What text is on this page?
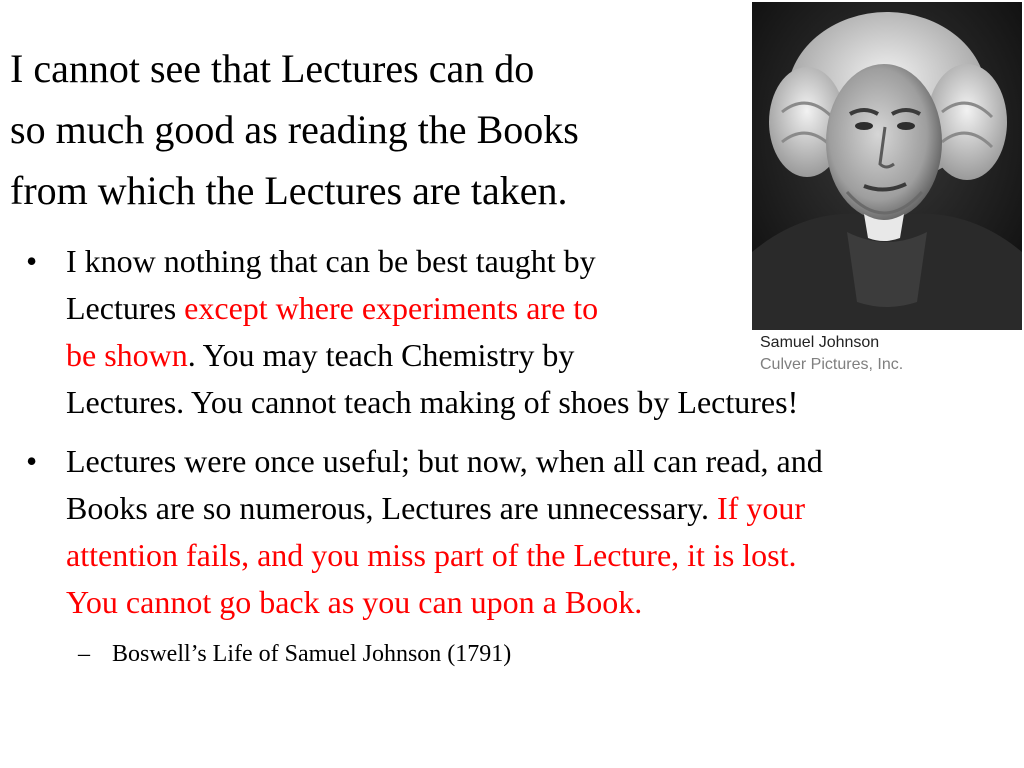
I cannot see that Lectures can do
so much good as reading the Books
from which the Lectures are taken.
Samuel Johnson
Culver Pictures, Inc.
• I know nothing that can be best taught by
Lectures except where experiments are to
be shown. You may teach Chemistry by
Lectures. You cannot teach making of shoes by Lectures!
• Lectures were once useful; but now, when all can read, and
Books are so numerous, Lectures are unnecessary. If your
attention fails, and you miss part of the Lecture, it is lost.
You cannot go back as you can upon a Book.
– Boswell’s Life of Samuel Johnson (1791)
